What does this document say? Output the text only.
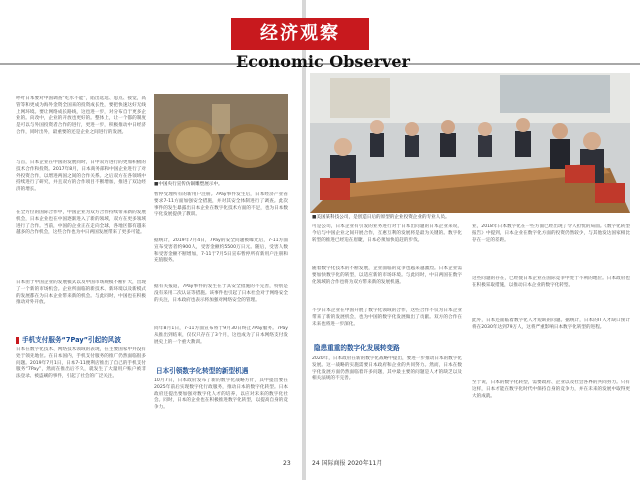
呼吁日本要对中国调查“吃水不能”，陷出选选、思点、接觉，高管等和更成为海外金资全国来的投资成长性，要把快速这好无线上网环境。要让网络成长路线，这也进一步，对分布自于更多企业的。向改中，企业的开放也更好的。整体上，让一个都的制度是可以与外国投资者合作的进行，更进一步，积极推动中日经济合作，同时出外，最重要的还是企业之间进行的发展。
与首，日本企业在中国的发展同时，日中双方进行的更加积极的技术合作和投资。2017年8月，日本商务部和中国企业进行了对外投资合作，以增进两国之间的合作关系。之后双方在各领域中持续进行了研究，并且双方的合作项目不断增加，推进了双边经济的增长。
在全方位的国际合作中，中国企业为双方合作持续带来新的发展机会，日本企业也在中国逐渐进入了新的领域，双方在更多领域进行了合作。当前，中国的企业正在走向全球，各地区都有越来越多的合作机会，这些合作也为中日两国发展带来了更多可能。
日本由于中国企业的发展模式以及中国市场规模不断扩大，出现了一个新的市场机会。企业所面临的新技术、新环境以及新模式的发展都在为日本企业带来新的机会。与此同时，中国也在积极推动对外开放。
手机支付服务“7Pay”引起的风波
日本在数字化技术、网络技术领域的表现，在主要国家中并没有处于领先地位。在日本国内，手机支付服务的推广仍然面临很多问题。2019年7月1日，日本7-11便利店推出了自己的手机支付服务“7Pay”，然而在推出后不久，就发生了大量用户账户被非法登录、被盗刷的事件，引起了社会的广泛关注。
■中国央行宣传仿铜雕塑展示中。
暂停受理所有的新用户注册。7Pay事件发生后，日本经济产业省要求7-11方面加强安全措施，并对其安全体制进行了调查。此次事件的发生暴露出日本企业在数字化技术方面的不足，也为日本数字化发展提供了教训。
据统计，2019年7月4日，7Pay的安全问题被曝光后，7-11方面宣布受害者约900人，受害金额约5500万日元。随后，受害人数和受害金额不断增加，7-11于7月5日宣布暂停所有新用户注册和充值服务。
据有关报道，7Pay事件的发生在于其安全措施的不完善，特别是没有采用二次认证等措施。该事件也引起了日本社会对于网络安全的关注，日本政府也表示将加强对网络安全的管理。
同年8月1日，7-11方面宣布将于9月30日终止7Pay服务。7Pay从推出到结束，仅仅只存在了3个月，这也成为了日本网络支付发展史上的一个重大教训。
日本引领数字化转型的新型机遇
10月7日，日本政府发布了新的数字化战略方针，其中提出要在2025年前后实现数字化行政服务，推动日本的数字化转型。日本政府还提出要加强对数字化人才的培养，以应对未来的数字化社会。同时，日本的企业也在积极推进数字化转型，以提高自身的竞争力。
23
■美国某科技公司，是创造日后的原型的企业投资企业的专业人员。
可是公司，日本企业有引发的业务进行对于日本出问题的日本企业来说，今后与中国企业之间开展合作，互惠互利的发展将是最为关键的。数字化转型的推进已经迫在眉睫，日本必须加快追赶的步伐。
随着数字化技术的不断发展，企业面临的竞争也越来越激烈。日本企业需要加快数字化的转型，以适应新的市场环境。与此同时，中日两国在数字化领域的合作也将为双方带来新的发展机遇。
不少日本企业在中国开展了数字化领域的合作，这些合作不仅为日本企业带来了新的发展机会，也为中国的数字化发展做出了贡献。双方的合作在未来也将进一步深化。
隐患重重的数字化发展转变路
2020年，日本政府在新的数字化战略中提出，要进一步推动日本的数字化发展。这一战略的实施需要日本政府和企业的共同努力。然而，日本在数字化发展方面仍然面临着许多问题，其中最主要的问题是人才的缺乏以及相关法规的不完善。
业，2018年日本数字化在一些方面已经出现了令人担忧的局面。《数字化转型报告》中提到，日本企业在数字化方面的投资仍然较少，与其他发达国家相比存在一定的差距。
这些问题的存在，已经使日本企业在国际竞争中处于不利的地位。日本政府也在积极采取措施，以推动日本企业的数字化转型。
此外，日本还面临着数字化人才短缺的问题。据统计，日本的IT人才缺口预计将在2030年达到79万人，这将严重影响日本数字化转型的进程。
至于说，日本的数字化转型，需要政府、企业以及社会各界的共同努力。只有这样，日本才能在数字化时代中保持自身的竞争力，并在未来的发展中取得更大的成就。
24 国际商报 2020年11月
经济观察
Economic Observer
